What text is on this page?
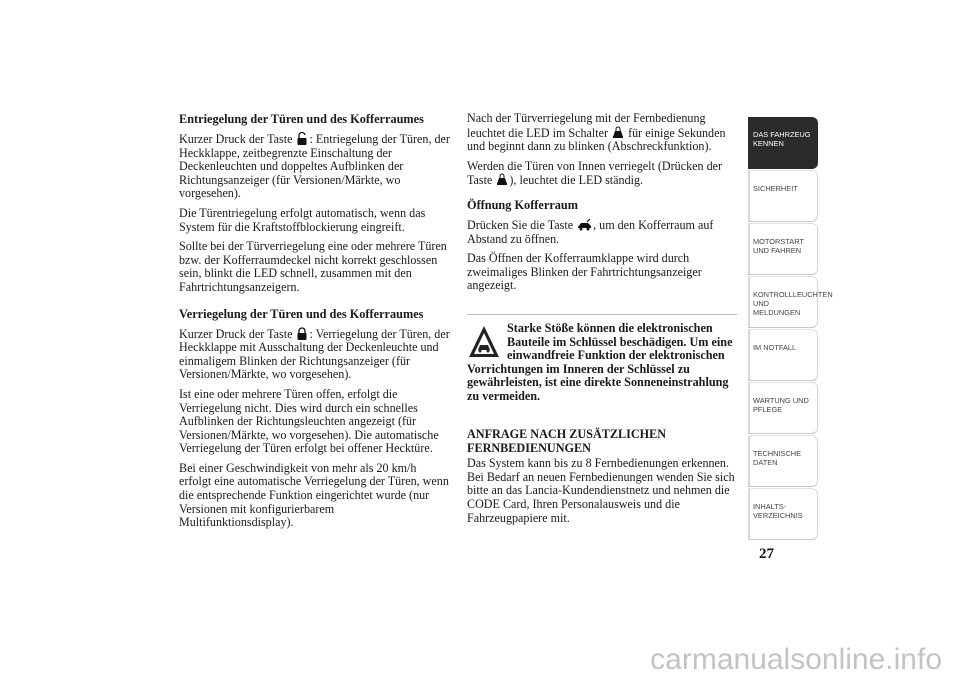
Entriegelung der Türen und des Kofferraumes

Kurzer Druck der Taste : Entriegelung der Türen, der Heckklappe, zeitbegrenzte Einschaltung der Deckenleuchten und doppeltes Aufblinken der Richtungsanzeiger (für Versionen/Märkte, wo vorgesehen).

Die Türentriegelung erfolgt automatisch, wenn das System für die Kraftstoffblockierung eingreift.

Sollte bei der Türverriegelung eine oder mehrere Türen bzw. der Kofferraumdeckel nicht korrekt geschlossen sein, blinkt die LED schnell, zusammen mit den Fahrtrichtungsanzeigern.

Verriegelung der Türen und des Kofferraumes

Kurzer Druck der Taste : Verriegelung der Türen, der Heckklappe mit Ausschaltung der Deckenleuchte und einmaligem Blinken der Richtungsanzeiger (für Versionen/Märkte, wo vorgesehen).

Ist eine oder mehrere Türen offen, erfolgt die Verriegelung nicht. Dies wird durch ein schnelles Aufblinken der Richtungsleuchten angezeigt (für Versionen/Märkte, wo vorgesehen). Die automatische Verriegelung der Türen erfolgt bei offener Hecktüre.

Bei einer Geschwindigkeit von mehr als 20 km/h erfolgt eine automatische Verriegelung der Türen, wenn die entsprechende Funktion eingerichtet wurde (nur Versionen mit konfigurierbarem Multifunktionsdisplay).

Nach der Türverriegelung mit der Fernbedienung leuchtet die LED im Schalter für einige Sekunden und beginnt dann zu blinken (Abschreckfunktion).

Werden die Türen von Innen verriegelt (Drücken der Taste ), leuchtet die LED ständig.

Öffnung Kofferraum

Drücken Sie die Taste , um den Kofferraum auf Abstand zu öffnen.

Das Öffnen der Kofferraumklappe wird durch zweimaliges Blinken der Fahrtrichtungsanzeiger angezeigt.

Starke Stöße können die elektronischen Bauteile im Schlüssel beschädigen. Um eine einwandfreie Funktion der elektronischen Vorrichtungen im Inneren der Schlüssel zu gewährleisten, ist eine direkte Sonneneinstrahlung zu vermeiden.

ANFRAGE NACH ZUSÄTZLICHEN FERNBEDIENUNGEN

Das System kann bis zu 8 Fernbedienungen erkennen. Bei Bedarf an neuen Fernbedienungen wenden Sie sich bitte an das Lancia-Kundendienstnetz und nehmen die CODE Card, Ihren Personalausweis und die Fahrzeugpapiere mit.

DAS FAHRZEUG KENNEN
SICHERHEIT
MOTORSTART UND FAHREN
KONTROLLLEUCHTEN UND MELDUNGEN
IM NOTFALL
WARTUNG UND PFLEGE
TECHNISCHE DATEN
INHALTS-VERZEICHNIS
27
carmanualsonline.info
